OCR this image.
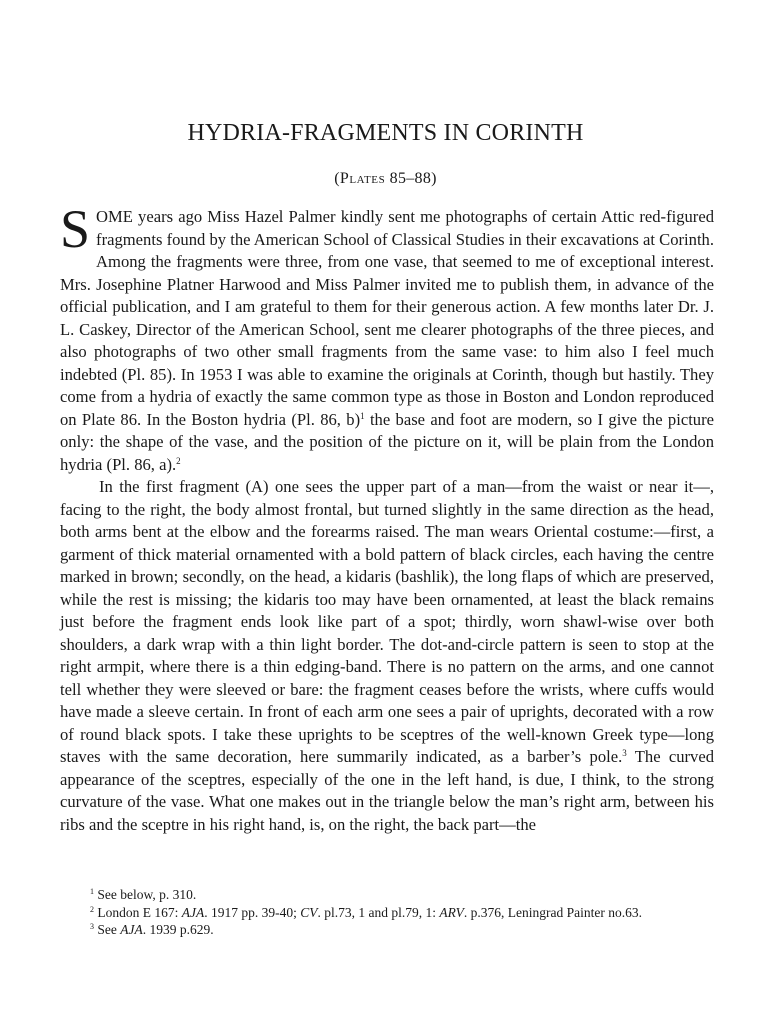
HYDRIA-FRAGMENTS IN CORINTH
(Plates 85–88)

SOME years ago Miss Hazel Palmer kindly sent me photographs of certain Attic red-figured fragments found by the American School of Classical Studies in their excavations at Corinth. Among the fragments were three, from one vase, that seemed to me of exceptional interest. Mrs. Josephine Platner Harwood and Miss Palmer invited me to publish them, in advance of the official publication, and I am grateful to them for their generous action. A few months later Dr. J. L. Caskey, Director of the American School, sent me clearer photographs of the three pieces, and also photographs of two other small fragments from the same vase: to him also I feel much indebted (Pl. 85). In 1953 I was able to examine the originals at Corinth, though but hastily. They come from a hydria of exactly the same common type as those in Boston and London reproduced on Plate 86. In the Boston hydria (Pl. 86, b)$^1$ the base and foot are modern, so I give the picture only: the shape of the vase, and the position of the picture on it, will be plain from the London hydria (Pl. 86, a).$^2$

In the first fragment (A) one sees the upper part of a man—from the waist or near it—, facing to the right, the body almost frontal, but turned slightly in the same direction as the head, both arms bent at the elbow and the forearms raised. The man wears Oriental costume:—first, a garment of thick material ornamented with a bold pattern of black circles, each having the centre marked in brown; secondly, on the head, a kidaris (bashlik), the long flaps of which are preserved, while the rest is missing; the kidaris too may have been ornamented, at least the black remains just before the fragment ends look like part of a spot; thirdly, worn shawl-wise over both shoulders, a dark wrap with a thin light border. The dot-and-circle pattern is seen to stop at the right armpit, where there is a thin edging-band. There is no pattern on the arms, and one cannot tell whether they were sleeved or bare: the fragment ceases before the wrists, where cuffs would have made a sleeve certain. In front of each arm one sees a pair of uprights, decorated with a row of round black spots. I take these uprights to be sceptres of the well-known Greek type—long staves with the same decoration, here summarily indicated, as a barber’s pole.$^3$ The curved appearance of the sceptres, especially of the one in the left hand, is due, I think, to the strong curvature of the vase. What one makes out in the triangle below the man’s right arm, between his ribs and the sceptre in his right hand, is, on the right, the back part—the

$^1$ See below, p. 310.

$^2$ London E 167: AJA. 1917 pp. 39-40; CV. pl.73, 1 and pl.79, 1: ARV. p.376, Leningrad Painter no.63.

$^3$ See AJA. 1939 p.629.
